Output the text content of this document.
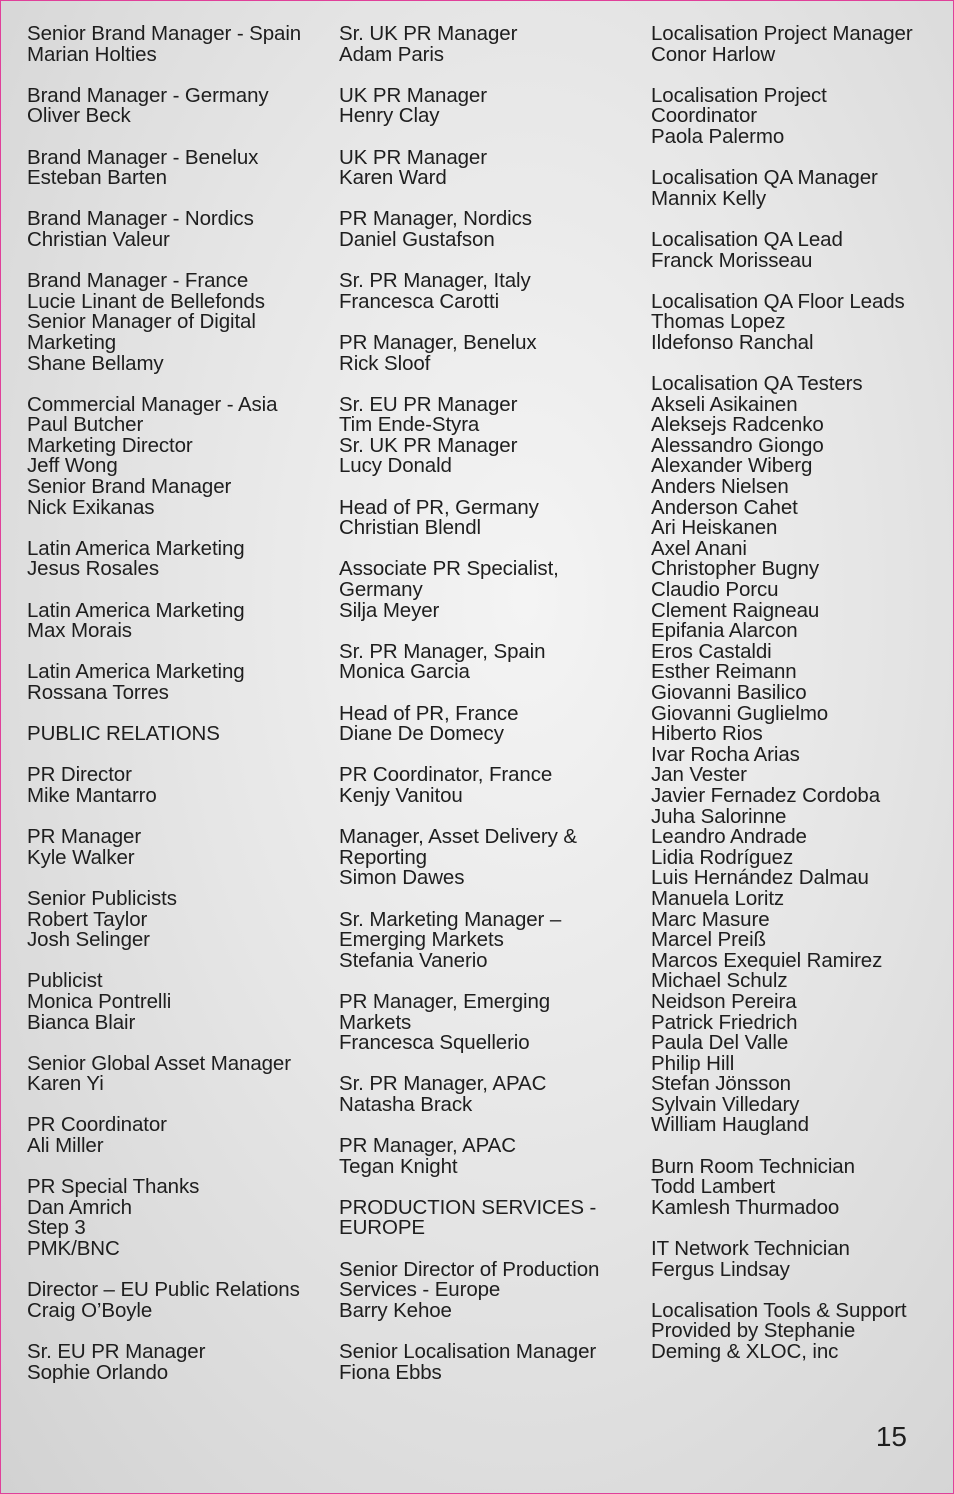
Senior Brand Manager - Spain
Marian Holties
Brand Manager - Germany
Oliver Beck
Brand Manager - Benelux
Esteban Barten
Brand Manager - Nordics
Christian Valeur
Brand Manager - France
Lucie Linant de Bellefonds
Senior Manager of Digital
Marketing
Shane Bellamy
Commercial Manager - Asia
Paul Butcher
Marketing Director
Jeff Wong
Senior Brand Manager
Nick Exikanas
Latin America Marketing
Jesus Rosales
Latin America Marketing
Max Morais
Latin America Marketing
Rossana Torres
PUBLIC RELATIONS
PR Director
Mike Mantarro
PR Manager
Kyle Walker
Senior Publicists
Robert Taylor
Josh Selinger
Publicist
Monica Pontrelli
Bianca Blair
Senior Global Asset Manager
Karen Yi
PR Coordinator
Ali Miller
PR Special Thanks
Dan Amrich
Step 3
PMK/BNC
Director – EU Public Relations
Craig O’Boyle
Sr. EU PR Manager
Sophie Orlando
Sr. UK PR Manager
Adam Paris
UK PR Manager
Henry Clay
UK PR Manager
Karen Ward
PR Manager, Nordics
Daniel Gustafson
Sr. PR Manager, Italy
Francesca Carotti
PR Manager, Benelux
Rick Sloof
Sr. EU PR Manager
Tim Ende-Styra
Sr. UK PR Manager
Lucy Donald
Head of PR, Germany
Christian Blendl
Associate PR Specialist,
Germany
Silja Meyer
Sr. PR Manager, Spain
Monica Garcia
Head of PR, France
Diane De Domecy
PR Coordinator, France
Kenjy Vanitou
Manager, Asset Delivery &
Reporting
Simon Dawes
Sr. Marketing Manager –
Emerging Markets
Stefania Vanerio
PR Manager, Emerging
Markets
Francesca Squellerio
Sr. PR Manager, APAC
Natasha Brack
PR Manager, APAC
Tegan Knight
PRODUCTION SERVICES -
EUROPE
Senior Director of Production
Services - Europe
Barry Kehoe
Senior Localisation Manager
Fiona Ebbs
Localisation Project Manager
Conor Harlow
Localisation Project
Coordinator
Paola Palermo
Localisation QA Manager
Mannix Kelly
Localisation QA Lead
Franck Morisseau
Localisation QA Floor Leads
Thomas Lopez
Ildefonso Ranchal
Localisation QA Testers
Akseli Asikainen
Aleksejs Radcenko
Alessandro Giongo
Alexander Wiberg
Anders Nielsen
Anderson Cahet
Ari Heiskanen
Axel Anani
Christopher Bugny
Claudio Porcu
Clement Raigneau
Epifania Alarcon
Eros Castaldi
Esther Reimann
Giovanni Basilico
Giovanni Guglielmo
Hiberto Rios
Ivar Rocha Arias
Jan Vester
Javier Fernadez Cordoba
Juha Salorinne
Leandro Andrade
Lidia Rodríguez
Luis Hernández Dalmau
Manuela Loritz
Marc Masure
Marcel Preiß
Marcos Exequiel Ramirez
Michael Schulz
Neidson Pereira
Patrick Friedrich
Paula Del Valle
Philip Hill
Stefan Jönsson
Sylvain Villedary
William Haugland
Burn Room Technician
Todd Lambert
Kamlesh Thurmadoo
IT Network Technician
Fergus Lindsay
Localisation Tools & Support
Provided by Stephanie
Deming & XLOC, inc
15
